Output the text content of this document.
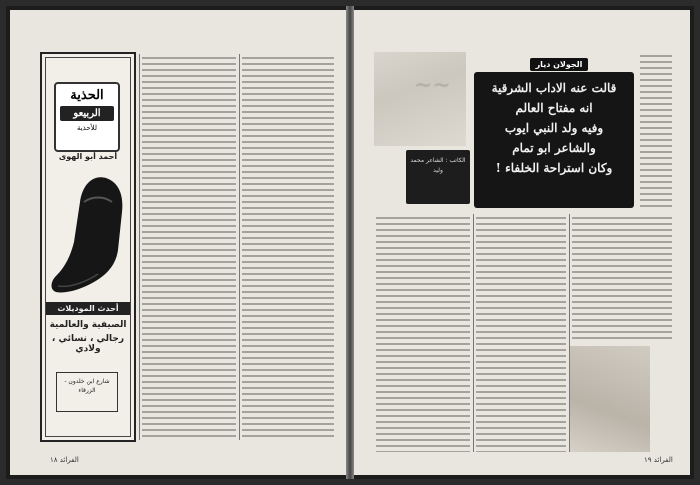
الحذية
الربيعو
للأحذية
أحمد أبو الهوى
أحدث الموديلات
الصيفية والعالمية
رجالي ، نسائي ، ولادي
شارع ابن خلدون - الزرقاء
الفرائد ١٨
~~
الجولان ديار
قالت عنه الاداب الشرقية
انه مفتاح العالم
وفيه ولد النبي ايوب
والشاعر ابو تمام
وكان استراحة الخلفاء !
الكاتب : الشاعر محمد وليد
الفرائد ١٩
